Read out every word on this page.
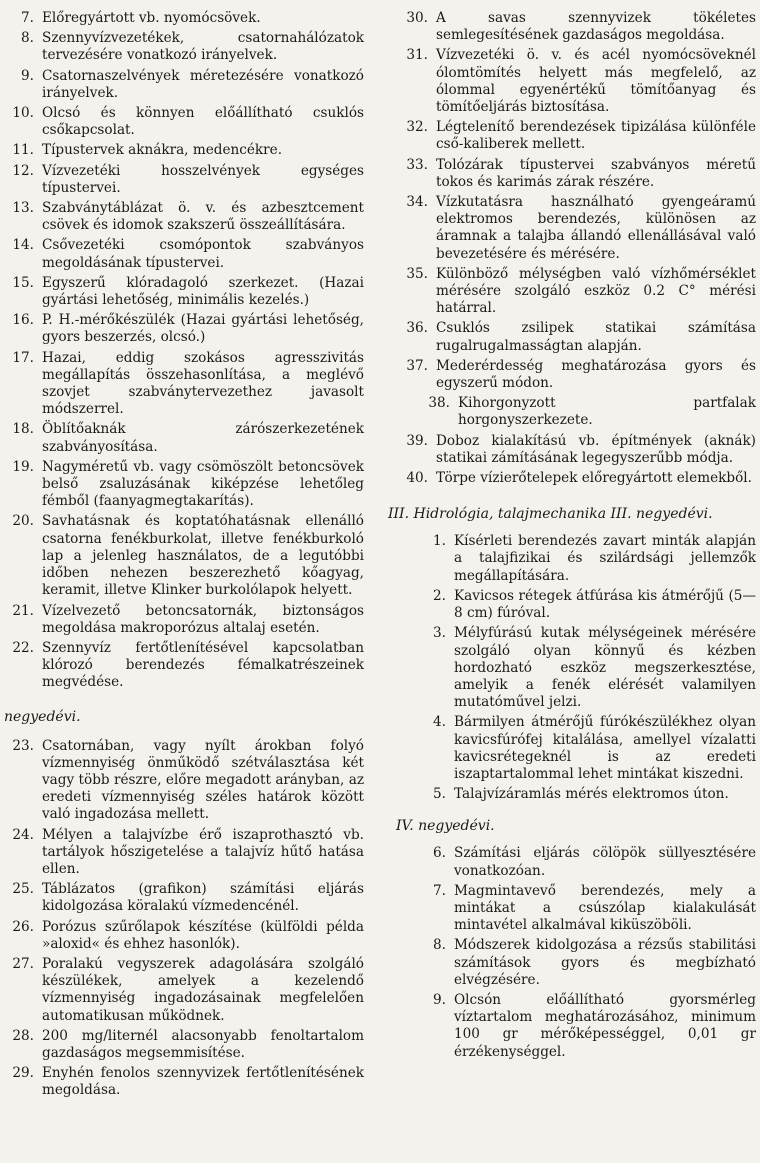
7. Előregyártott vb. nyomócsövek.
8. Szennyvízvezetékek, csatornahálózatok tervezésére vonatkozó irányelvek.
9. Csatornaszelvények méretezésére vonatkozó irányelvek.
10. Olcsó és könnyen előállítható csuklós csőkapcsolat.
11. Típustervek aknákra, medencékre.
12. Vízvezetéki hosszelvények egységes típustervei.
13. Szabványtáblázat ö. v. és azbesztcement csövek és idomok szakszerű összeállítására.
14. Csővezetéki csomópontok szabványos megoldásának típustervei.
15. Egyszerű klóradagoló szerkezet. (Hazai gyártási lehetőség, minimális kezelés.)
16. P. H.-mérőkészülék (Hazai gyártási lehetőség, gyors beszerzés, olcsó.)
17. Hazai, eddig szokásos agresszivitás megállapítás összehasonlítása, a meglévő szovjet szabványtervezethez javasolt módszerrel.
18. Öblítőaknák zárószerkezetének szabványosítása.
19. Nagyméretű vb. vagy csömöszölt betoncsövek belső zsaluzásának kiképzése lehetőleg fémből (faanyagmegtakarítás).
20. Savhatásnak és koptatóhatásnak ellenálló csatorna fenékburkolat, illetve fenékburkoló lap a jelenleg használatos, de a legutóbbi időben nehezen beszerezhető kőagyag, keramit, illetve Klinker burkolólapok helyett.
21. Vízelvezető betoncsatornák, biztonságos megoldása makroporózus altalaj esetén.
22. Szennyvíz fertőtlenítésével kapcsolatban klórozó berendezés fémalkatrészeinek megvédése.
negyedévi.
23. Csatornában, vagy nyílt árokban folyó vízmennyiség önműködő szétválasztása két vagy több részre, előre megadott arányban, az eredeti vízmennyiség széles határok között való ingadozása mellett.
24. Mélyen a talajvízbe érő iszaprothasztó vb. tartályok hőszigetelése a talajvíz hűtő hatása ellen.
25. Táblázatos (grafikon) számítási eljárás kidolgozása köralakú vízmedencénél.
26. Porózus szűrőlapok készítése (külföldi példa »aloxid« és ehhez hasonlók).
27. Poralakú vegyszerek adagolására szolgáló készülékek, amelyek a kezelendő vízmennyiség ingadozásainak megfelelően automatikusan működnek.
28. 200 mg/liternél alacsonyabb fenoltartalom gazdaságos megsemmisítése.
29. Enyhén fenolos szennyvizek fertőtlenítésének megoldása.
30. A savas szennyvizek tökéletes semlegesítésének gazdaságos megoldása.
31. Vízvezetéki ö. v. és acél nyomócsöveknél ólomtömítés helyett más megfelelő, az ólommal egyenértékű tömítőanyag és tömítőeljárás biztosítása.
32. Légtelenítő berendezések tipizálása különféle cső-kaliberek mellett.
33. Tolózárak típustervei szabványos méretű tokos és karimás zárak részére.
34. Vízkutatásra használható gyengeáramú elektromos berendezés, különösen az áramnak a talajba állandó ellenállásával való bevezetésére és mérésére.
35. Különböző mélységben való vízhőmérséklet mérésére szolgáló eszköz 0.2 C° mérési határral.
36. Csuklós zsilipek statikai számítása rugalrugalmasságtan alapján.
37. Mederérdesség meghatározása gyors és egyszerű módon.
38. Kihorgonyzott partfalak horgonyszerkezete.
39. Doboz kialakítású vb. építmények (aknák) statikai zámításának legegyszerűbb módja.
40. Törpe vízierőtelepek előregyártott elemekből.
III. Hidrológia, talajmechanika III. negyedévi.
1. Kísérleti berendezés zavart minták alapján a talajfizikai és szilárdsági jellemzők megállapítására.
2. Kavicsos rétegek átfúrása kis átmérőjű (5—8 cm) fúróval.
3. Mélyfúrású kutak mélységeinek mérésére szolgáló olyan könnyű és kézben hordozható eszköz megszerkesztése, amelyik a fenék elérését valamilyen mutatóművel jelzi.
4. Bármilyen átmérőjű fúrókészülékhez olyan kavicsfúrófej kitalálása, amellyel vízalatti kavicsrétegeknél is az eredeti iszaptartalommal lehet mintákat kiszedni.
5. Talajvízáramlás mérés elektromos úton.
IV. negyedévi.
6. Számítási eljárás cölöpök süllyesztésére vonatkozóan.
7. Magmintavevő berendezés, mely a mintákat a csúszólap kialakulását mintavétel alkalmával kiküszöböli.
8. Módszerek kidolgozása a rézsűs stabilitási számítások gyors és megbízható elvégzésére.
9. Olcsón előállítható gyorsmérleg víztartalom meghatározásához, minimum 100 gr mérőképességgel, 0,01 gr érzékenységgel.
